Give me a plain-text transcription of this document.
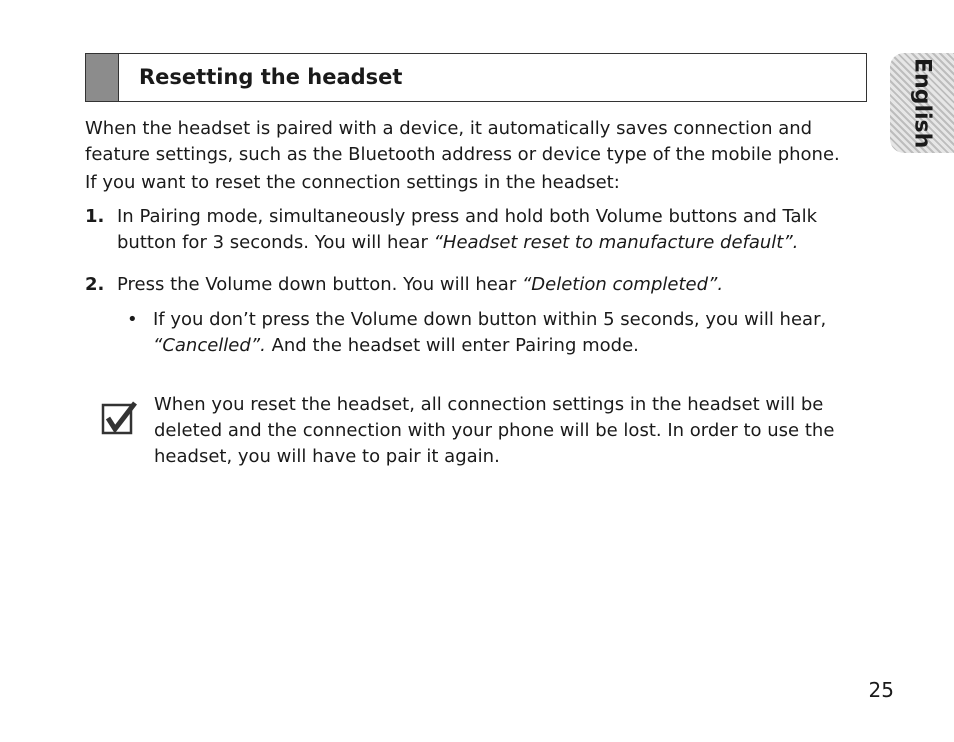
Resetting the headset	English
When the headset is paired with a device, it automatically saves connection and feature settings, such as the Bluetooth address or device type of the mobile phone.
If you want to reset the connection settings in the headset:
1. In Pairing mode, simultaneously press and hold both Volume buttons and Talk button for 3 seconds. You will hear “Headset reset to manufacture default”.
2. Press the Volume down button. You will hear “Deletion completed”.
• If you don’t press the Volume down button within 5 seconds, you will hear, “Cancelled”. And the headset will enter Pairing mode.
When you reset the headset, all connection settings in the headset will be deleted and the connection with your phone will be lost. In order to use the headset, you will have to pair it again.
25
